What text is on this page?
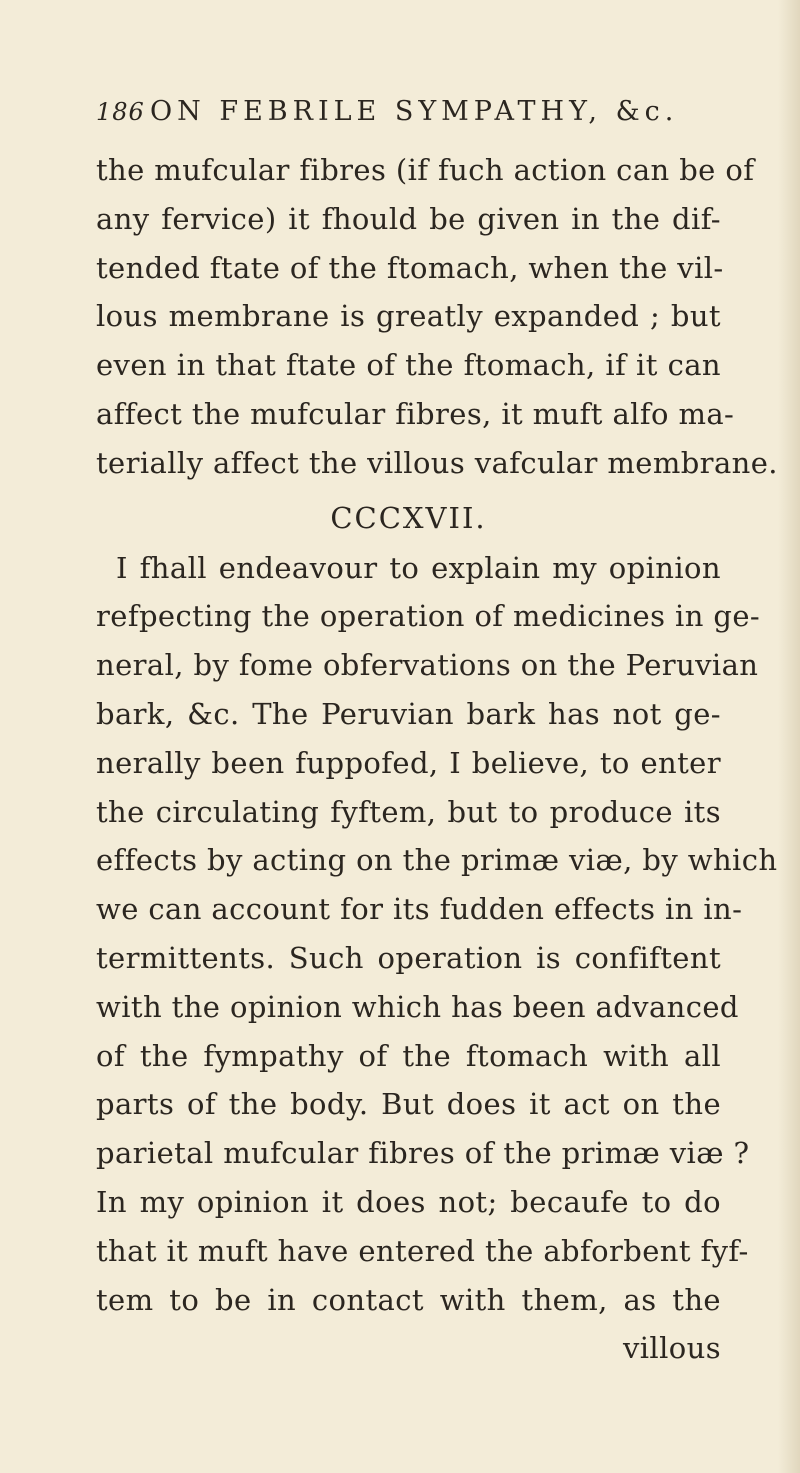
186 ON FEBRILE SYMPATHY, &c.
the mufcular fibres (if fuch action can be of
any fervice) it fhould be given in the dif-
tended ftate of the ftomach, when the vil-
lous membrane is greatly expanded ; but
even in that ftate of the ftomach, if it can
affect the mufcular fibres, it muft alfo ma-
terially affect the villous vafcular membrane.
CCCXVII.
I fhall endeavour to explain my opinion
refpecting the operation of medicines in ge-
neral, by fome obfervations on the Peruvian
bark, &c. The Peruvian bark has not ge-
nerally been fuppofed, I believe, to enter
the circulating fyftem, but to produce its
effects by acting on the primæ viæ, by which
we can account for its fudden effects in in-
termittents. Such operation is confiftent
with the opinion which has been advanced
of the fympathy of the ftomach with all
parts of the body. But does it act on the
parietal mufcular fibres of the primæ viæ ?
In my opinion it does not; becaufe to do
that it muft have entered the abforbent fyf-
tem to be in contact with them, as the
villous
